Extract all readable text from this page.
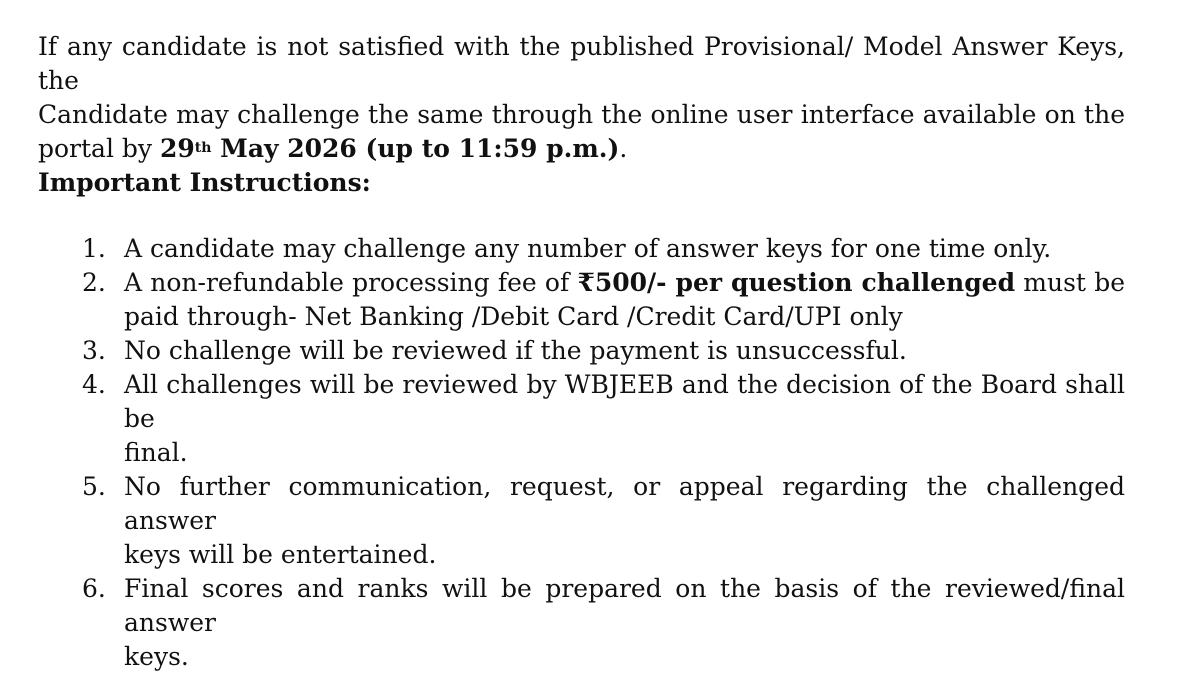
If any candidate is not satisfied with the published Provisional/ Model Answer Keys, the
Candidate may challenge the same through the online user interface available on the
portal by 29th May 2026 (up to 11:59 p.m.).

Important Instructions:
1. A candidate may challenge any number of answer keys for one time only.
2. A non-refundable processing fee of ₹500/- per question challenged must be
paid through- Net Banking /Debit Card /Credit Card/UPI only
3. No challenge will be reviewed if the payment is unsuccessful.
4. All challenges will be reviewed by WBJEEB and the decision of the Board shall be
final.
5. No further communication, request, or appeal regarding the challenged answer
keys will be entertained.
6. Final scores and ranks will be prepared on the basis of the reviewed/final answer
keys.
